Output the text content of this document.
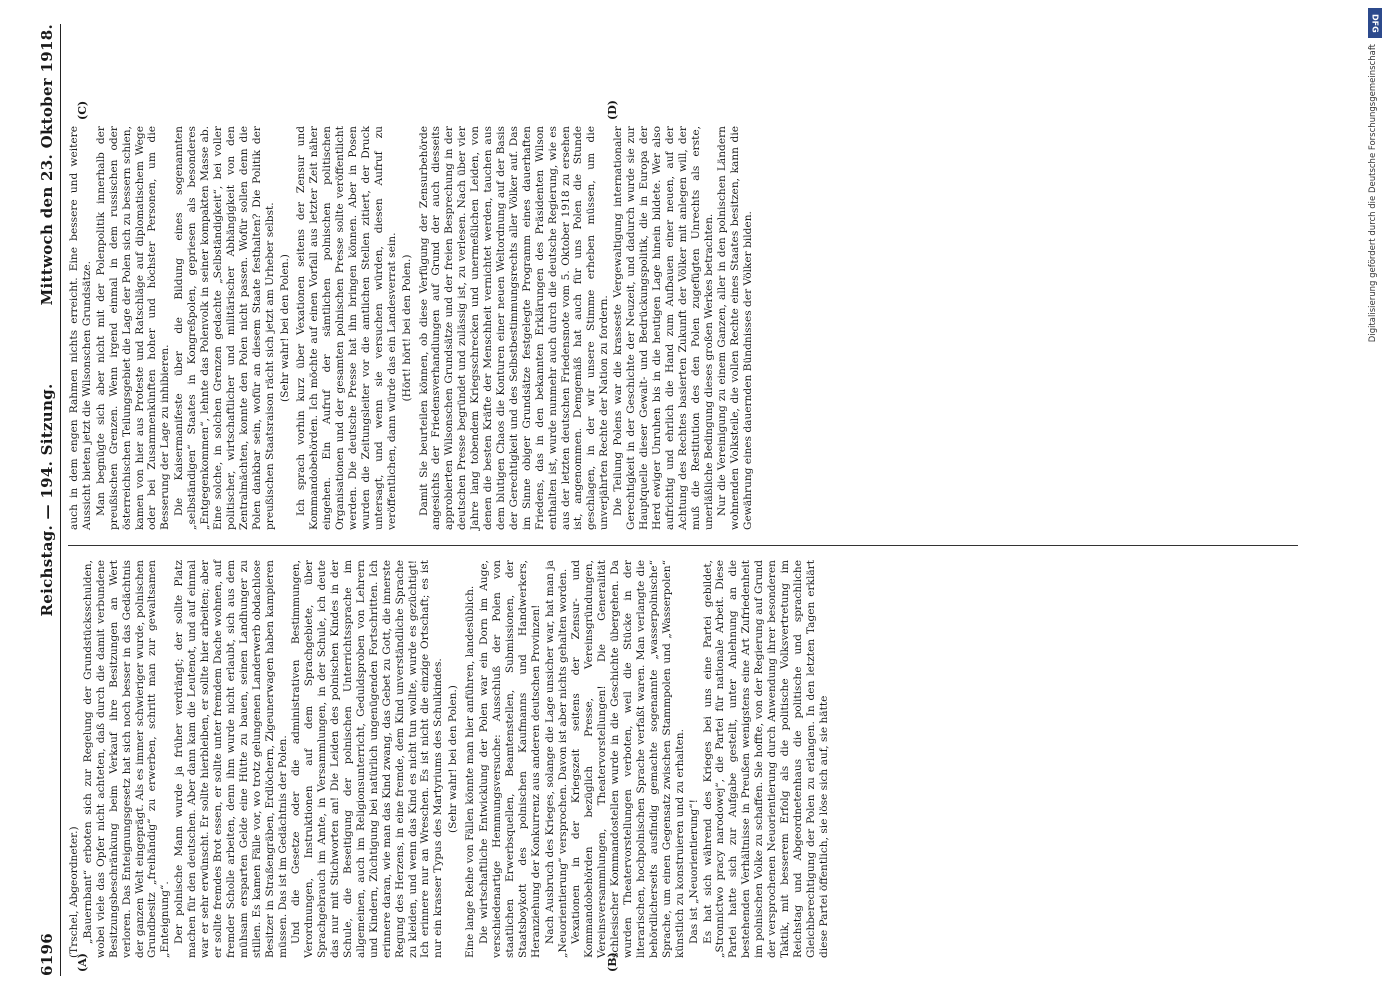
6196
Reichstag. — 194. Sitzung.
Mittwoch den 23. Oktober 1918.
(A)	(B)
(C)	(D)

(Trschel, Abgeordneter.) „Bauernbant“ erboten sich zur Regelung der Grundstücksschulden, wobei viele das Opfer nicht achteten, daß durch die damit verbundene Besitzungsbeschränkung beim Verkauf ihre Besitzungen an Wert verloren. Das Enteignungsgesetz hat sich noch besser in das Gedächtnis der ganzen Welt eingeprägt. Als es immer schwieriger wurde, polnischen Grundbesitz „freihändig“ zu erwerben, schritt man zur gewaltsamen „Enteignung“. Der polnische Mann wurde ja früher verdrängt; der sollte Platz machen für den deutschen. Aber dann kam die Leutenot, und auf einmal war er sehr erwünscht. Er sollte hierbleiben, er sollte hier arbeiten; aber er sollte fremdes Brot essen, er sollte unter fremdem Dache wohnen, auf fremder Scholle arbeiten, denn ihm wurde nicht erlaubt, sich aus dem mühsam ersparten Gelde eine Hütte zu bauen, seinen Landhunger zu stillen. Es kamen Fälle vor, wo trotz gelungenen Landerwerb obdachlose Besitzer in Straßengräben, Erdlöchern, Zigeunerwagen haben kampieren müssen. Das ist im Gedächtnis der Polen. Und die Gesetze oder die administrativen Bestimmungen, Verordnungen, Instruktionen auf dem Sprachgebiete, über Sprachgebrauch im Amte, in Versammlungen, in der Schule, ich deute das nur mit Stichworten an! Die Leiden des polnischen Kindes in der Schule, die Beseitigung der polnischen Unterrichtssprache im allgemeinen, auch im Religionsunterricht, Geduldsproben von Lehrern und Kindern, Züchtigung bei natürlich ungenügenden Fortschritten. Ich erinnere daran, wie man das Kind zwang, das Gebet zu Gott, die innerste Regung des Herzens, in eine fremde, dem Kind unverständliche Sprache zu kleiden, und wenn das Kind es nicht tun wollte, wurde es gezüchtigt! Ich erinnere nur an Wreschen. Es ist nicht die einzige Ortschaft; es ist nur ein krasser Typus des Martyriums des Schulkindes. (Sehr wahr! bei den Polen.) Eine lange Reihe von Fällen könnte man hier anführen, landesüblich. Die wirtschaftliche Entwicklung der Polen war ein Dorn im Auge, verschiedenartige Hemmungsversuche: Ausschluß der Polen von staatlichen Erwerbsquellen, Beamtenstellen, Submissionen, der Staatsboykott des polnischen Kaufmanns und Handwerkers, Heranziehung der Konkurrenz aus anderen deutschen Provinzen! Nach Ausbruch des Krieges, solange die Lage unsicher war, hat man ja „Neuorientierung“ versprochen. Davon ist aber nichts gehalten worden. Vexationen in der Kriegszeit seitens der Zensur- und Kommandobehörden bezüglich Presse, Vereinsgründungen, Vereinsversammlungen, Theatervorstellungen! Die Generalität schlesischer Kommandostellen wurde in die Geschichte übergehen. Da wurden Theatervorstellungen verboten, weil die Stücke in der literarischen, hochpolnischen Sprache verfaßt waren. Man verlangte die behördlicherseits ausfindig gemachte sogenannte „wasserpolnische“ Sprache, um einen Gegensatz zwischen Stammpolen und „Wasserpolen“ künstlich zu konstruieren und zu erhalten. Das ist „Neuorientierung“! Es hat sich während des Krieges bei uns eine Partei gebildet, „Stronnictwo pracy narodowej“, die Partei für nationale Arbeit. Diese Partei hatte sich zur Aufgabe gestellt, unter Anlehnung an die bestehenden Verhältnisse in Preußen wenigstens eine Art Zufriedenheit im polnischen Volke zu schaffen. Sie hoffte, von der Regierung auf Grund der versprochenen Neuorientierung durch Anwendung ihrer besonderen Taktik, mit besserem Erfolg als die politische Volksvertretung im Reichstag und Abgeordnetenhaus die politische und sprachliche Gleichberechtigung der Polen zu erlangen. In den letzten Tagen erklärt diese Partei öffentlich, sie löse sich auf, sie hätte

auch in dem engen Rahmen nichts erreicht. Eine bessere und weitere Aussicht bieten jetzt die Wilsonschen Grundsätze. Man begnügte sich aber nicht mit der Polenpolitik innerhalb der preußischen Grenzen. Wenn irgend einmal in dem russischen oder österreichischen Teilungsgebiet die Lage der Polen sich zu bessern schien, kamen von hier aus Proteste und Ratschläge auf diplomatischem Wege oder bei Zusammenkünften hoher und höchster Personen, um die Besserung der Lage zu inhibieren. Die Kaisermanifeste über die Bildung eines sogenannten „selbständigen“ Staates in Kongreßpolen, gepriesen als besonderes „Entgegenkommen“, lehnte das Polenvolk in seiner kompakten Masse ab. Eine solche, in solchen Grenzen gedachte „Selbständigkeit“, bei voller politischer, wirtschaftlicher und militärischer Abhängigkeit von den Zentralmächten, konnte den Polen nicht passen. Wofür sollen denn die Polen dankbar sein, wofür an diesem Staate festhalten? Die Politik der preußischen Staatsraison rächt sich jetzt am Urheber selbst. (Sehr wahr! bei den Polen.) Ich sprach vorhin kurz über Vexationen seitens der Zensur und Kommandobehörden. Ich möchte auf einen Vorfall aus letzter Zeit näher eingehen. Ein Aufruf der sämtlichen polnischen politischen Organisationen und der gesamten polnischen Presse sollte veröffentlicht werden. Die deutsche Presse hat ihn bringen können. Aber in Posen wurden die Zeitungsleiter vor die amtlichen Stellen zitiert, der Druck untersagt, und wenn sie versuchen würden, diesen Aufruf zu veröffentlichen, dann würde das ein Landesverrat sein. (Hört! hört! bei den Polen.) Damit Sie beurteilen können, ob diese Verfügung der Zensurbehörde angesichts der Friedensverhandlungen auf Grund der auch diesseits approbierten Wilsonschen Grundsätze und der freien Besprechung in der deutschen Presse begründet und zulässig ist, zu verlesen. Nach über vier Jahre lang tobendem Kriegsschrecken und unermeßlichen Leiden, von denen die besten Kräfte der Menschheit vernichtet werden, tauchen aus dem blutigen Chaos die Konturen einer neuen Weltordnung auf der Basis der Gerechtigkeit und des Selbstbestimmungsrechts aller Völker auf. Das im Sinne obiger Grundsätze festgelegte Programm eines dauerhaften Friedens, das in den bekannten Erklärungen des Präsidenten Wilson enthalten ist, wurde nunmehr auch durch die deutsche Regierung, wie es aus der letzten deutschen Friedensnote vom 5. Oktober 1918 zu ersehen ist, angenommen. Demgemäß hat auch für uns Polen die Stunde geschlagen, in der wir unsere Stimme erheben müssen, um die unverjährten Rechte der Nation zu fordern. Die Teilung Polens war die krasseste Vergewaltigung internationaler Gerechtigkeit in der Geschichte der Neuzeit, und dadurch wurde sie zur Hauptquelle dieser Gewalt- und Bedrückungspolitik, die in Europa der Herd ewiger Unruhen bis in die heutigen Lage hinein bildete. Wer also aufrichtig und ehrlich die Hand zum Aufbauen einer neuen, auf der Achtung des Rechtes basierten Zukunft der Völker mit anlegen will, der muß die Restitution des den Polen zugefügten Unrechts als erste, unerläßliche Bedingung dieses großen Werkes betrachten. Nur die Vereinigung zu einem Ganzen, aller in den polnischen Ländern wohnenden Volksteile, die vollen Rechte eines Staates besitzen, kann die Gewährung eines dauernden Bündnisses der Völker bilden.

DFG
Digitalisierung gefördert durch die Deutsche Forschungsgemeinschaft
